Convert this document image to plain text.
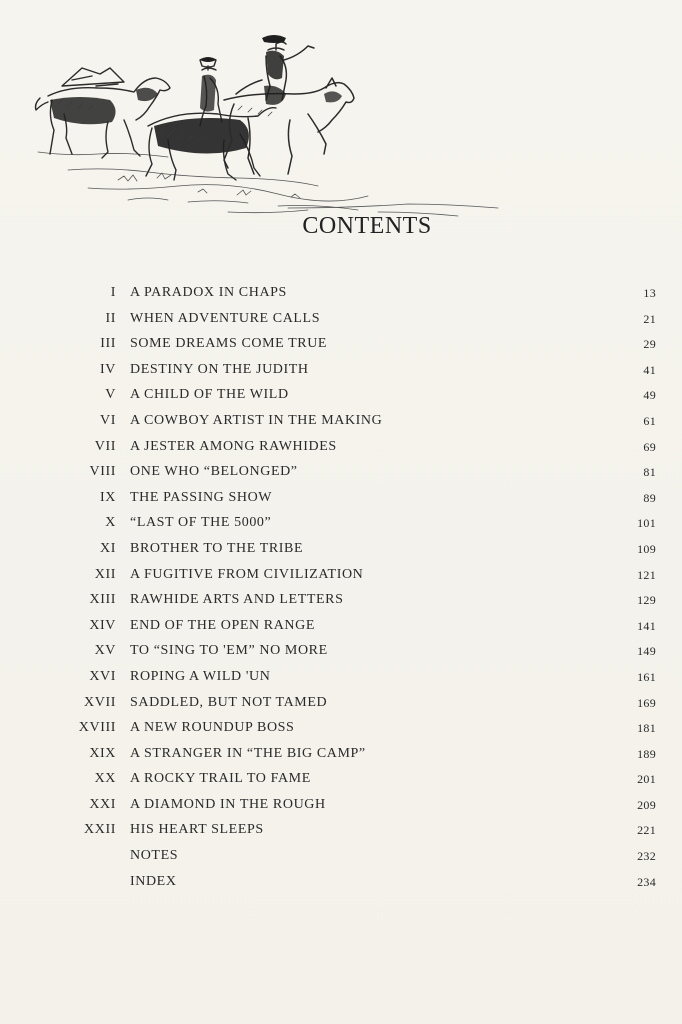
CONTENTS
I A PARADOX IN CHAPS	13
II WHEN ADVENTURE CALLS	21
III SOME DREAMS COME TRUE	29
IV DESTINY ON THE JUDITH	41
V A CHILD OF THE WILD	49
VI A COWBOY ARTIST IN THE MAKING	61
VII A JESTER AMONG RAWHIDES	69
VIII ONE WHO “BELONGED”	81
IX THE PASSING SHOW	89
X “LAST OF THE 5000”	101
XI BROTHER TO THE TRIBE	109
XII A FUGITIVE FROM CIVILIZATION	121
XIII RAWHIDE ARTS AND LETTERS	129
XIV END OF THE OPEN RANGE	141
XV TO “SING TO 'EM” NO MORE	149
XVI ROPING A WILD 'UN	161
XVII SADDLED, BUT NOT TAMED	169
XVIII A NEW ROUNDUP BOSS	181
XIX A STRANGER IN “THE BIG CAMP”	189
XX A ROCKY TRAIL TO FAME	201
XXI A DIAMOND IN THE ROUGH	209
XXII HIS HEART SLEEPS	221
NOTES	232
INDEX	234
